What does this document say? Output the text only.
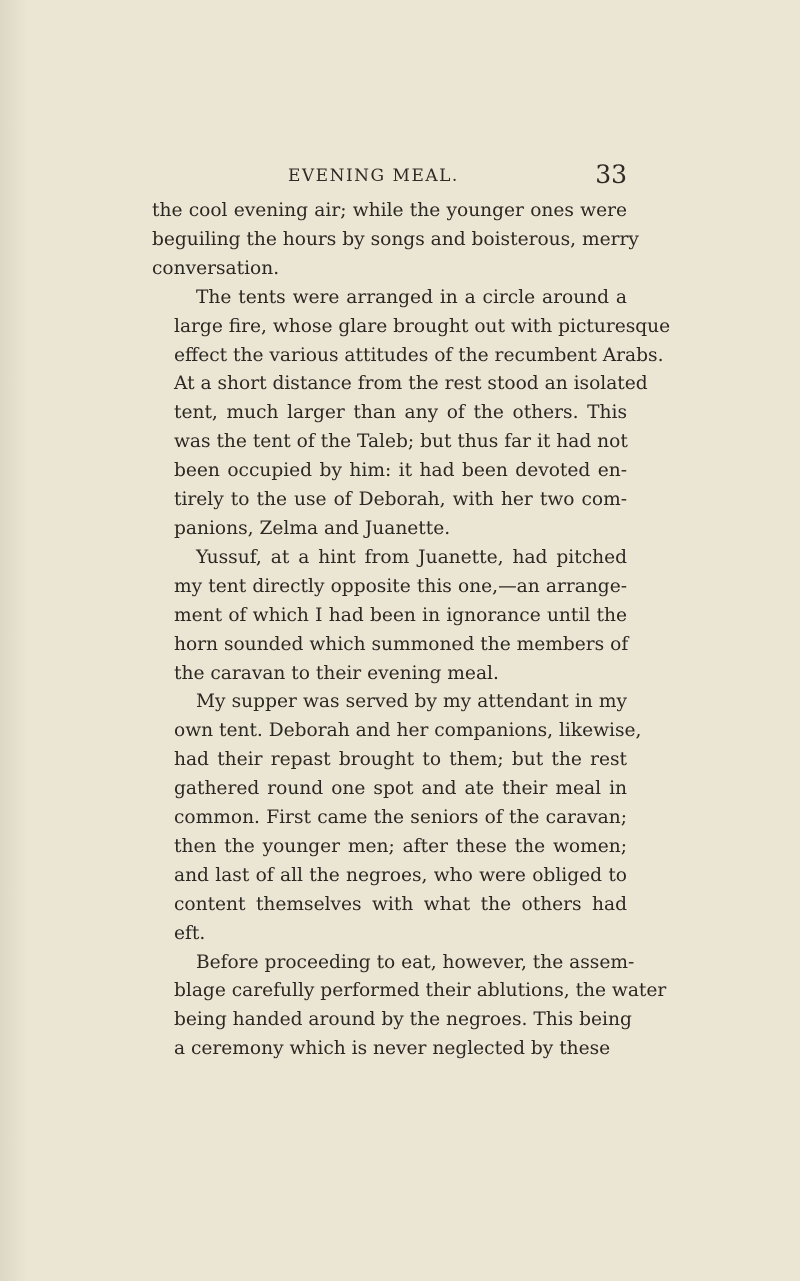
EVENING MEAL.	33
the cool evening air; while the younger ones were
beguiling the hours by songs and boisterous, merry
conversation.
The tents were arranged in a circle around a
large fire, whose glare brought out with picturesque
effect the various attitudes of the recumbent Arabs.
At a short distance from the rest stood an isolated
tent, much larger than any of the others. This
was the tent of the Taleb; but thus far it had not
been occupied by him: it had been devoted en-
tirely to the use of Deborah, with her two com-
panions, Zelma and Juanette.
Yussuf, at a hint from Juanette, had pitched
my tent directly opposite this one,—an arrange-
ment of which I had been in ignorance until the
horn sounded which summoned the members of
the caravan to their evening meal.
My supper was served by my attendant in my
own tent. Deborah and her companions, likewise,
had their repast brought to them; but the rest
gathered round one spot and ate their meal in
common. First came the seniors of the caravan;
then the younger men; after these the women;
and last of all the negroes, who were obliged to
content themselves with what the others had
eft.
Before proceeding to eat, however, the assem-
blage carefully performed their ablutions, the water
being handed around by the negroes. This being
a ceremony which is never neglected by these
